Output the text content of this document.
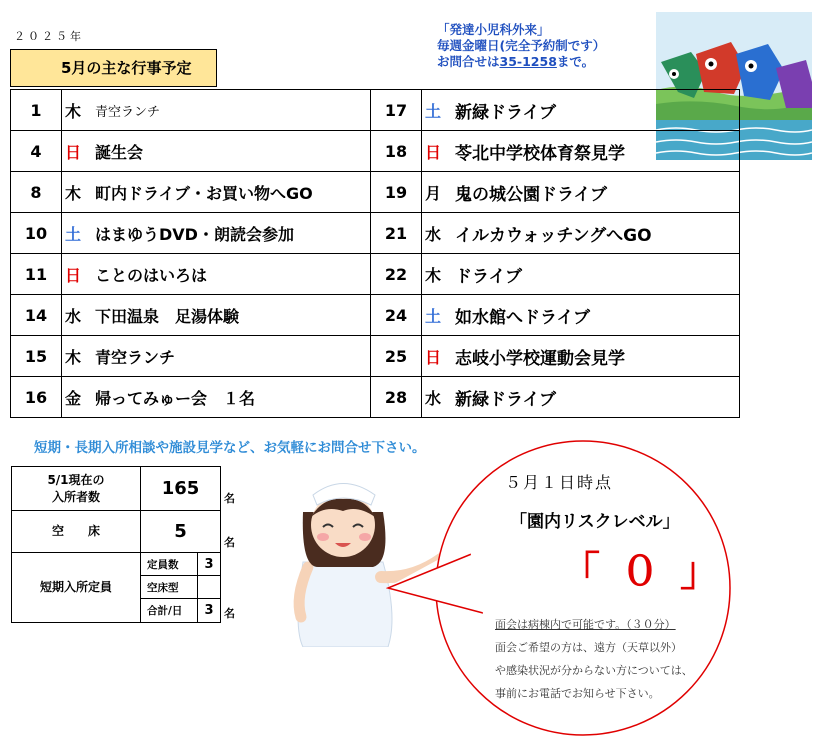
２０２５年
5月の主な行事予定
「発達小児科外来」
毎週金曜日(完全予約制です）
お問合せは35-1258まで。
1	木	青空ランチ	17	土	新緑ドライブ
4	日	誕生会	18	日	苓北中学校体育祭見学
8	木	町内ドライブ・お買い物へGO	19	月	鬼の城公園ドライブ
10	土	はまゆうDVD・朗読会参加	21	水	イルカウォッチングへGO
11	日	ことのはいろは	22	木	ドライブ
14	水	下田温泉　足湯体験	24	土	如水館へドライブ
15	木	青空ランチ	25	日	志岐小学校運動会見学
16	金	帰ってみゅー会　１名	28	水	新緑ドライブ
短期・長期入所相談や施設見学など、お気軽にお問合せ下さい。
5/1現在の
入所者数	165	
空　　床	5	
短期入所定員	定員数	3
	空床型	
	合計/日	3
名
名
名
５月１日時点
「園内リスクレベル」
「 ０ 」
面会は病棟内で可能です。（３０分）
面会ご希望の方は、遠方（天草以外）
や感染状況が分からない方については、
事前にお電話でお知らせ下さい。
